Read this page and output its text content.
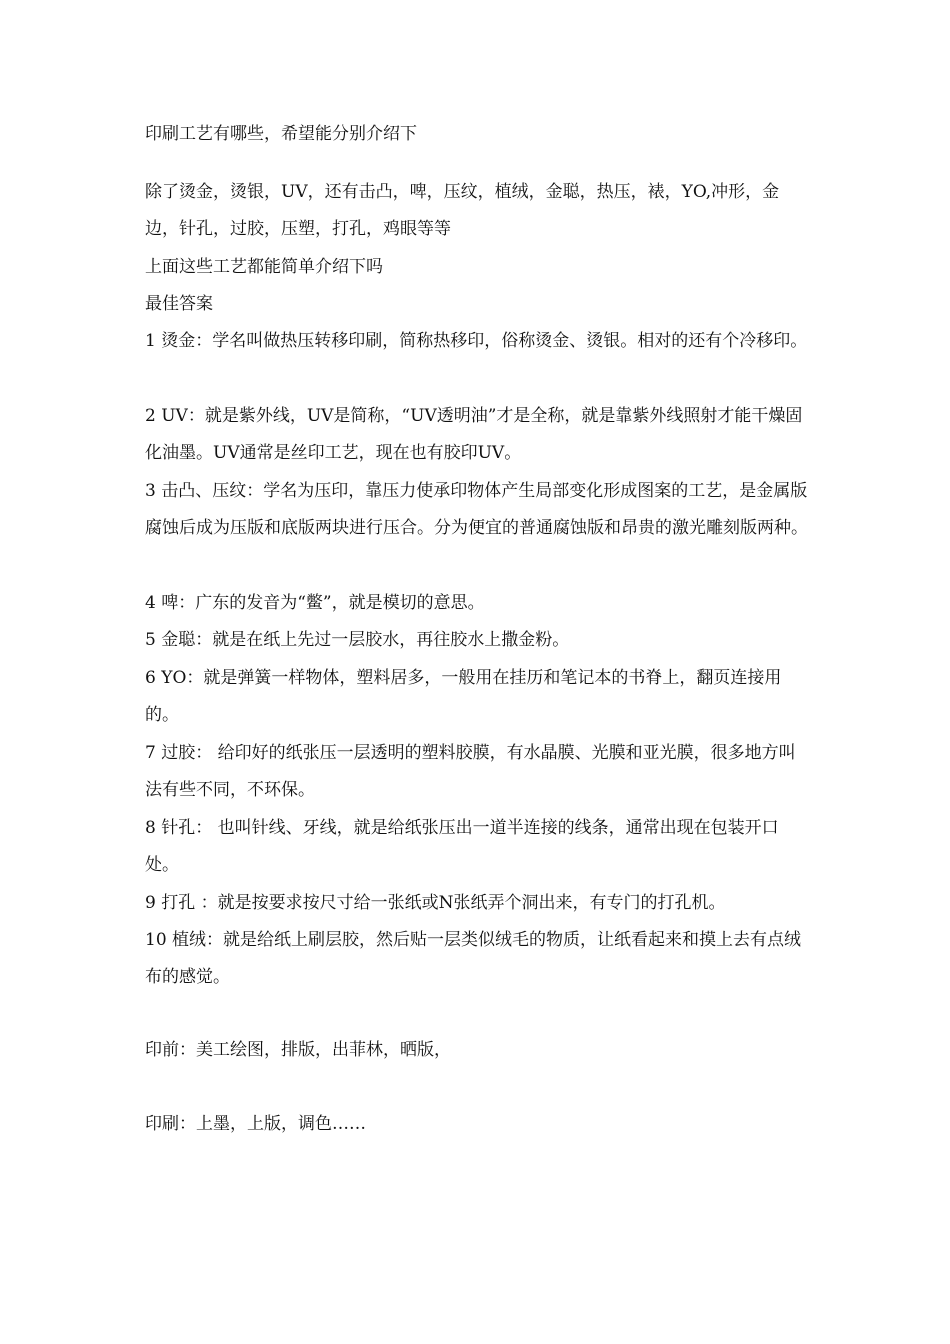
印刷工艺有哪些，希望能分别介绍下

除了烫金，烫银，UV，还有击凸，啤，压纹，植绒，金聪，热压，裱，YO,冲形，金边，针孔，过胶，压塑，打孔，鸡眼等等

上面这些工艺都能简单介绍下吗

最佳答案

1 烫金：学名叫做热压转移印刷，简称热移印，俗称烫金、烫银。相对的还有个冷移印。

2 UV：就是紫外线，UV是简称，“UV透明油”才是全称，就是靠紫外线照射才能干燥固化油墨。UV通常是丝印工艺，现在也有胶印UV。

3 击凸、压纹：学名为压印，靠压力使承印物体产生局部变化形成图案的工艺，是金属版腐蚀后成为压版和底版两块进行压合。分为便宜的普通腐蚀版和昂贵的激光雕刻版两种。

4 啤：广东的发音为“鳖”，就是模切的意思。

5 金聪：就是在纸上先过一层胶水，再往胶水上撒金粉。

6 YO：就是弹簧一样物体，塑料居多，一般用在挂历和笔记本的书脊上，翻页连接用的。

7 过胶： 给印好的纸张压一层透明的塑料胶膜，有水晶膜、光膜和亚光膜，很多地方叫法有些不同，不环保。

8 针孔： 也叫针线、牙线，就是给纸张压出一道半连接的线条，通常出现在包装开口处。

9 打孔 ：就是按要求按尺寸给一张纸或N张纸弄个洞出来，有专门的打孔机。

10 植绒：就是给纸上刷层胶，然后贴一层类似绒毛的物质，让纸看起来和摸上去有点绒布的感觉。

印前：美工绘图，排版，出菲林，晒版，

印刷：上墨，上版，调色……
